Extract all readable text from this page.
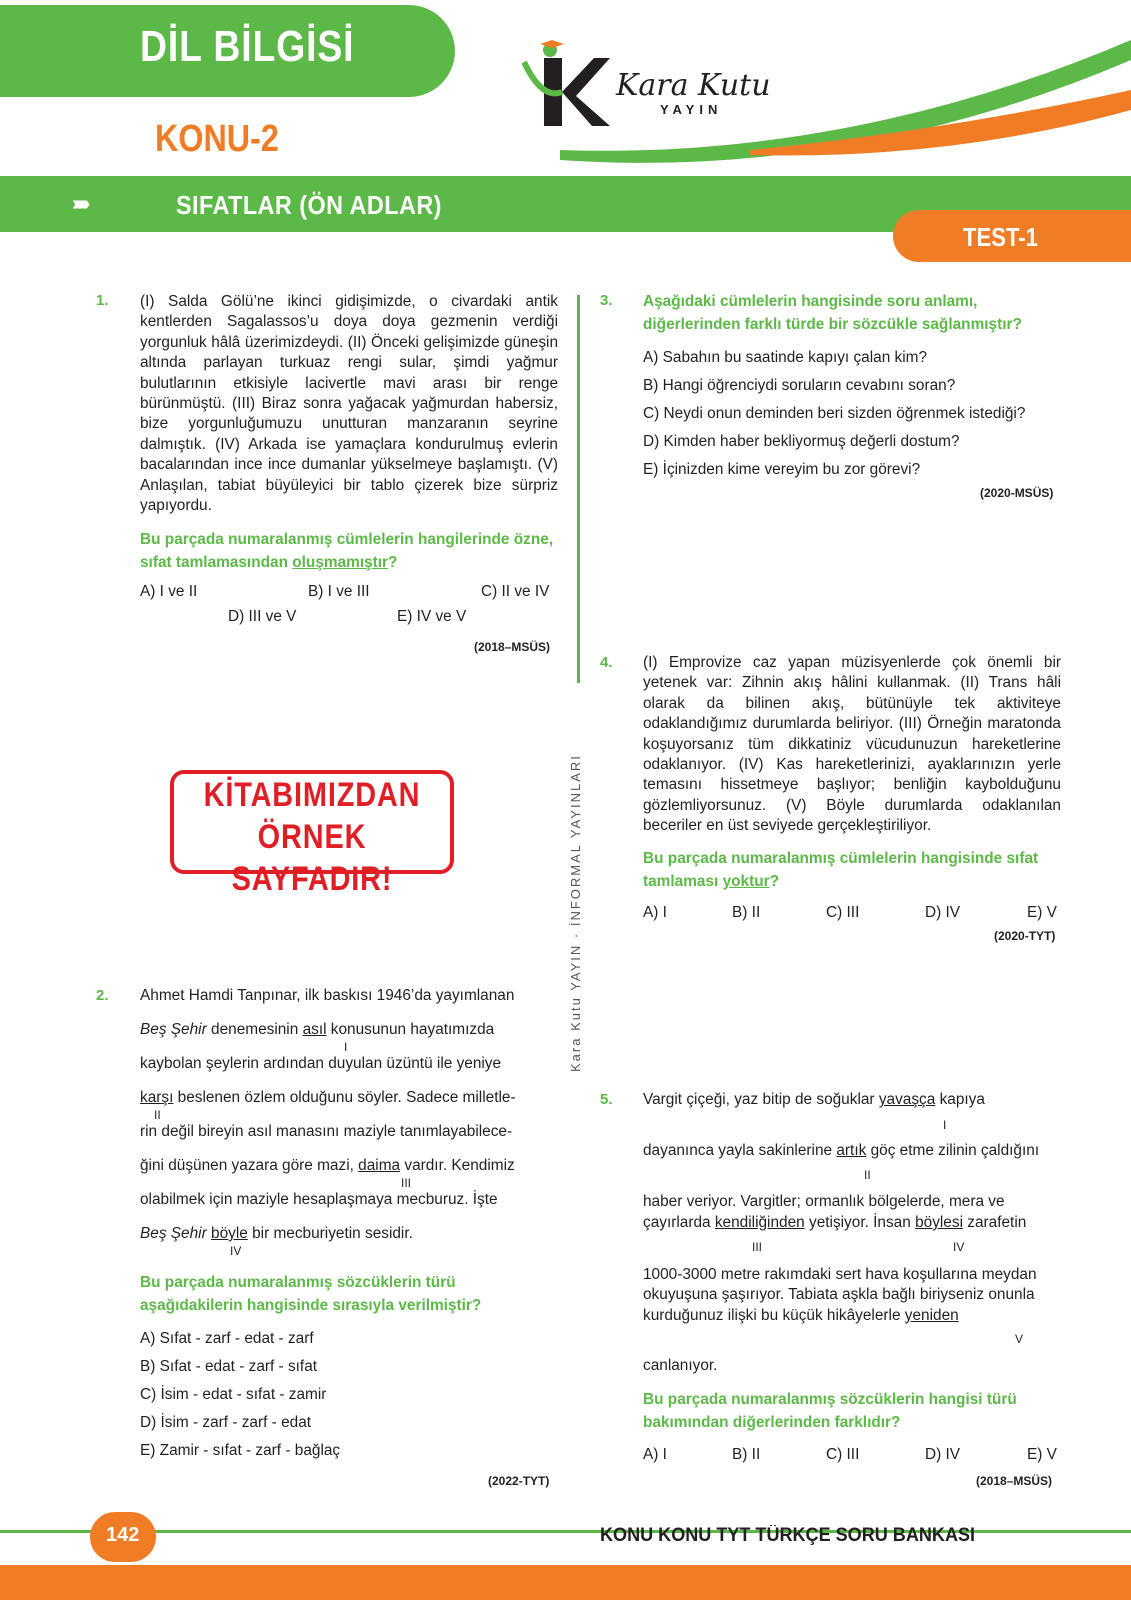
DİL BİLGİSİ
KONU-2
Kara Kutu
YAYIN
››››››››	SIFATLAR (ÖN ADLAR)
TEST-1
Kara Kutu YAYIN · İNFORMAL YAYINLARI
1. (I) Salda Gölü’ne ikinci gidişimizde, o civardaki antik kentlerden Sagalassos’u doya doya gezmenin verdiği yorgunluk hâlâ üzerimizdeydi. (II) Önceki gelişimizde güneşin altında parlayan turkuaz rengi sular, şimdi yağmur bulutlarının etkisiyle lacivertle mavi arası bir renge bürünmüştü. (III) Biraz sonra yağacak yağmurdan habersiz, bize yorgunluğumuzu unutturan manzaranın seyrine dalmıştık. (IV) Arkada ise yamaçlara kondurulmuş evlerin bacalarından ince ince dumanlar yükselmeye başlamıştı. (V) Anlaşılan, tabiat büyüleyici bir tablo çizerek bize sürpriz yapıyordu.
Bu parçada numaralanmış cümlelerin hangilerinde özne, sıfat tamlamasından oluşmamıştır?
A) I ve II	B) I ve III	C) II ve IV
D) III ve V	E) IV ve V
(2018–MSÜS)
KİTABIMIZDAN
ÖRNEK SAYFADIR!
2. Ahmet Hamdi Tanpınar, ilk baskısı 1946’da yayımlanan
Beş Şehir denemesinin asıl konusunun hayatımızda
I
kaybolan şeylerin ardından duyulan üzüntü ile yeniye
karşı beslenen özlem olduğunu söyler. Sadece milletle-
II
rin değil bireyin asıl manasını maziyle tanımlayabilece-
ğini düşünen yazara göre mazi, daima vardır. Kendimiz
III
olabilmek için maziyle hesaplaşmaya mecburuz. İşte
Beş Şehir böyle bir mecburiyetin sesidir.
IV
Bu parçada numaralanmış sözcüklerin türü aşağıdakilerin hangisinde sırasıyla verilmiştir?
A) Sıfat - zarf - edat - zarf
B) Sıfat - edat - zarf - sıfat
C) İsim - edat - sıfat - zamir
D) İsim - zarf - zarf - edat
E) Zamir - sıfat - zarf - bağlaç
(2022-TYT)
3. Aşağıdaki cümlelerin hangisinde soru anlamı, diğerlerinden farklı türde bir sözcükle sağlanmıştır?
A) Sabahın bu saatinde kapıyı çalan kim?
B) Hangi öğrenciydi soruların cevabını soran?
C) Neydi onun deminden beri sizden öğrenmek istediği?
D) Kimden haber bekliyormuş değerli dostum?
E) İçinizden kime vereyim bu zor görevi?
(2020-MSÜS)
4. (I) Emprovize caz yapan müzisyenlerde çok önemli bir yetenek var: Zihnin akış hâlini kullanmak. (II) Trans hâli olarak da bilinen akış, bütünüyle tek aktiviteye odaklandığımız durumlarda beliriyor. (III) Örneğin maratonda koşuyorsanız tüm dikkatiniz vücudunuzun hareketlerine odaklanıyor. (IV) Kas hareketlerinizi, ayaklarınızın yerle temasını hissetmeye başlıyor; benliğin kaybolduğunu gözlemliyorsunuz. (V) Böyle durumlarda odaklanılan beceriler en üst seviyede gerçekleştiriliyor.
Bu parçada numaralanmış cümlelerin hangisinde sıfat tamlaması yoktur?
A) I	B) II	C) III	D) IV	E) V
(2020-TYT)
5. Vargit çiçeği, yaz bitip de soğuklar yavaşça kapıya
I
dayanınca yayla sakinlerine artık göç etme zilinin çaldığını
II
haber veriyor. Vargitler; ormanlık bölgelerde, mera ve
çayırlarda kendiliğinden yetişiyor. İnsan böylesi zarafetin
III	IV
1000-3000 metre rakımdaki sert hava koşullarına meydan okuyuşuna şaşırıyor. Tabiata aşkla bağlı biriyseniz onunla kurduğunuz ilişki bu küçük hikâyelerle yeniden
V
canlanıyor.
Bu parçada numaralanmış sözcüklerin hangisi türü bakımından diğerlerinden farklıdır?
A) I	B) II	C) III	D) IV	E) V
(2018–MSÜS)
142	KONU KONU TYT TÜRKÇE SORU BANKASI
